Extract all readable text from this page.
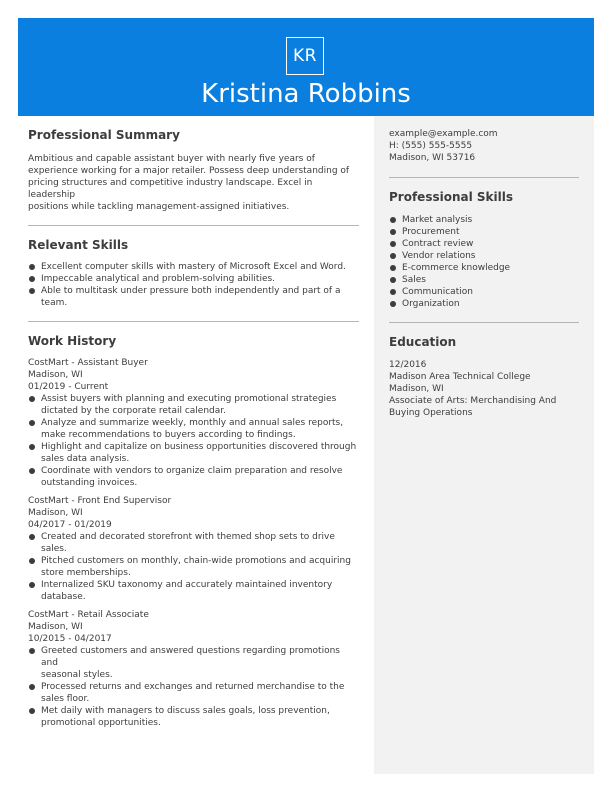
KR
Kristina Robbins
Professional Summary

Ambitious and capable assistant buyer with nearly five years of

experience working for a major retailer. Possess deep understanding of

pricing structures and competitive industry landscape. Excel in leadership

positions while tackling management-assigned initiatives.

Relevant Skills
Excellent computer skills with mastery of Microsoft Excel and Word.
Impeccable analytical and problem-solving abilities.
Able to multitask under pressure both independently and part of a
team.
Work History

CostMart - Assistant Buyer

Madison, WI

01/2019 - Current

Assist buyers with planning and executing promotional strategies
dictated by the corporate retail calendar.
Analyze and summarize weekly, monthly and annual sales reports,
make recommendations to buyers according to findings.
Highlight and capitalize on business opportunities discovered through
sales data analysis.
Coordinate with vendors to organize claim preparation and resolve
outstanding invoices.

CostMart - Front End Supervisor

Madison, WI

04/2017 - 01/2019

Created and decorated storefront with themed shop sets to drive sales.
Pitched customers on monthly, chain-wide promotions and acquiring
store memberships.
Internalized SKU taxonomy and accurately maintained inventory
database.

CostMart - Retail Associate

Madison, WI

10/2015 - 04/2017

Greeted customers and answered questions regarding promotions and
seasonal styles.
Processed returns and exchanges and returned merchandise to the
sales floor.
Met daily with managers to discuss sales goals, loss prevention,
promotional opportunities.

example@example.com

H: (555) 555-5555

Madison, WI 53716

Professional Skills
Market analysis
Procurement
Contract review
Vendor relations
E-commerce knowledge
Sales
Communication
Organization
Education

12/2016

Madison Area Technical College

Madison, WI

Associate of Arts: Merchandising And

Buying Operations
